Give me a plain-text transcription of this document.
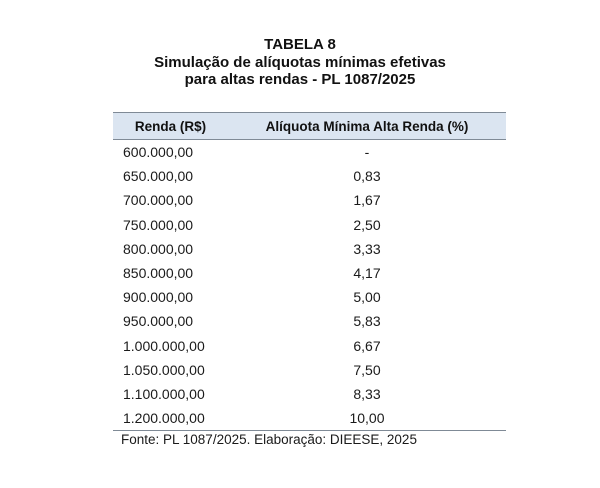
TABELA 8
Simulação de alíquotas mínimas efetivas
para altas rendas - PL 1087/2025
Renda (R$)	Alíquota Mínima Alta Renda (%)
600.000,00	-
650.000,00	0,83
700.000,00	1,67
750.000,00	2,50
800.000,00	3,33
850.000,00	4,17
900.000,00	5,00
950.000,00	5,83
1.000.000,00	6,67
1.050.000,00	7,50
1.100.000,00	8,33
1.200.000,00	10,00
Fonte: PL 1087/2025. Elaboração: DIEESE, 2025
